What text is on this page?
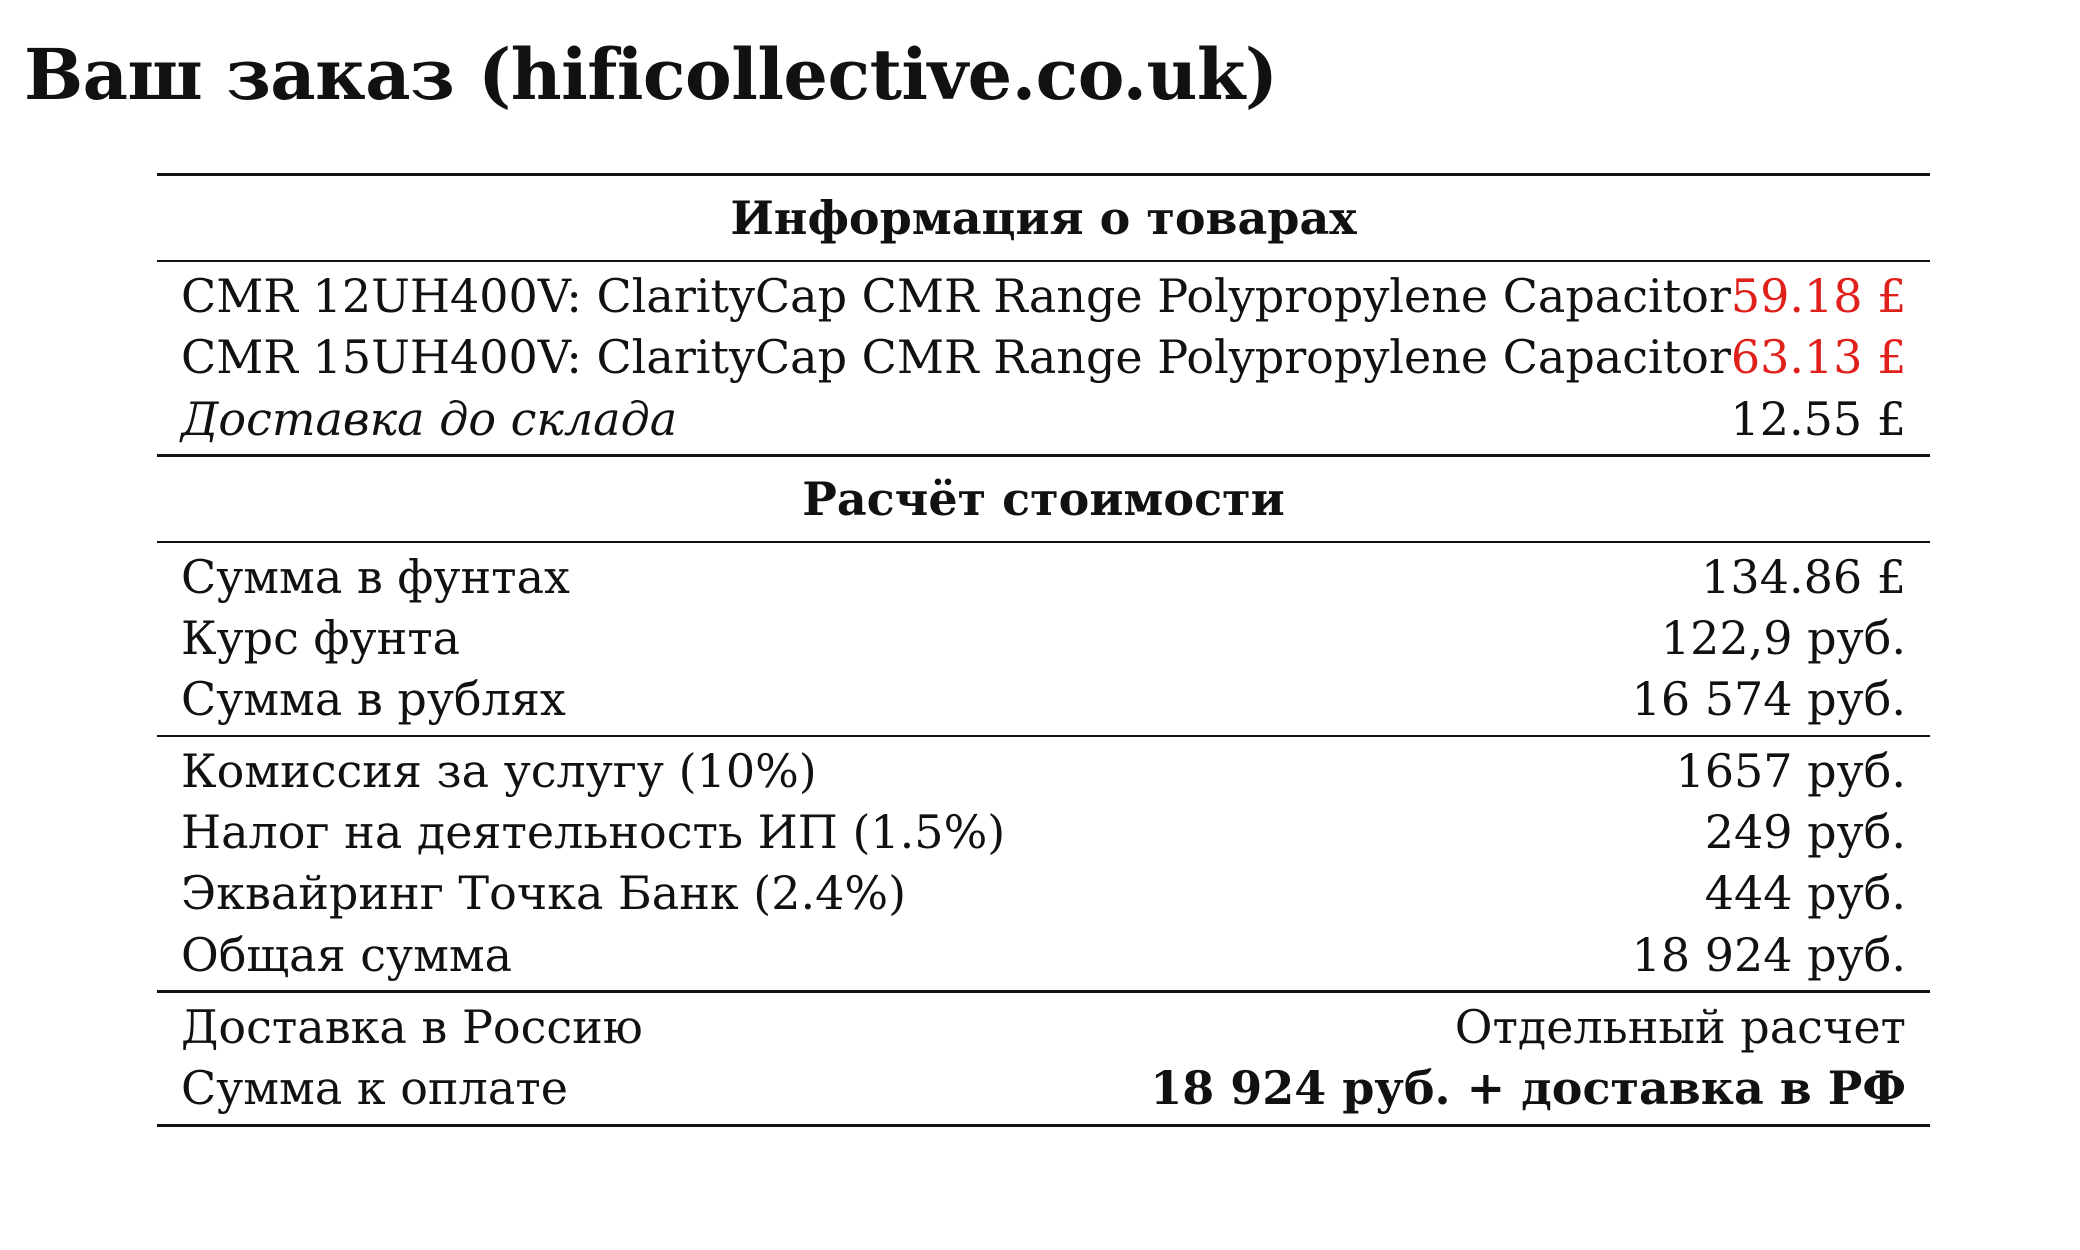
Ваш заказ (hificollective.co.uk)
Информация о товарах
CMR 12UH400V: ClarityCap CMR Range Polypropylene Capacitor 59.18 £
CMR 15UH400V: ClarityCap CMR Range Polypropylene Capacitor 63.13 £
Доставка до склада	12.55 £
Расчёт стоимости
Сумма в фунтах	134.86 £
Курс фунта	122,9 руб.
Сумма в рублях	16 574 руб.
Комиссия за услугу (10%)	1657 руб.
Налог на деятельность ИП (1.5%)	249 руб.
Эквайринг Точка Банк (2.4%)	444 руб.
Общая сумма	18 924 руб.
Доставка в Россию	Отдельный расчет
Сумма к оплате	18 924 руб. + доставка в РФ
